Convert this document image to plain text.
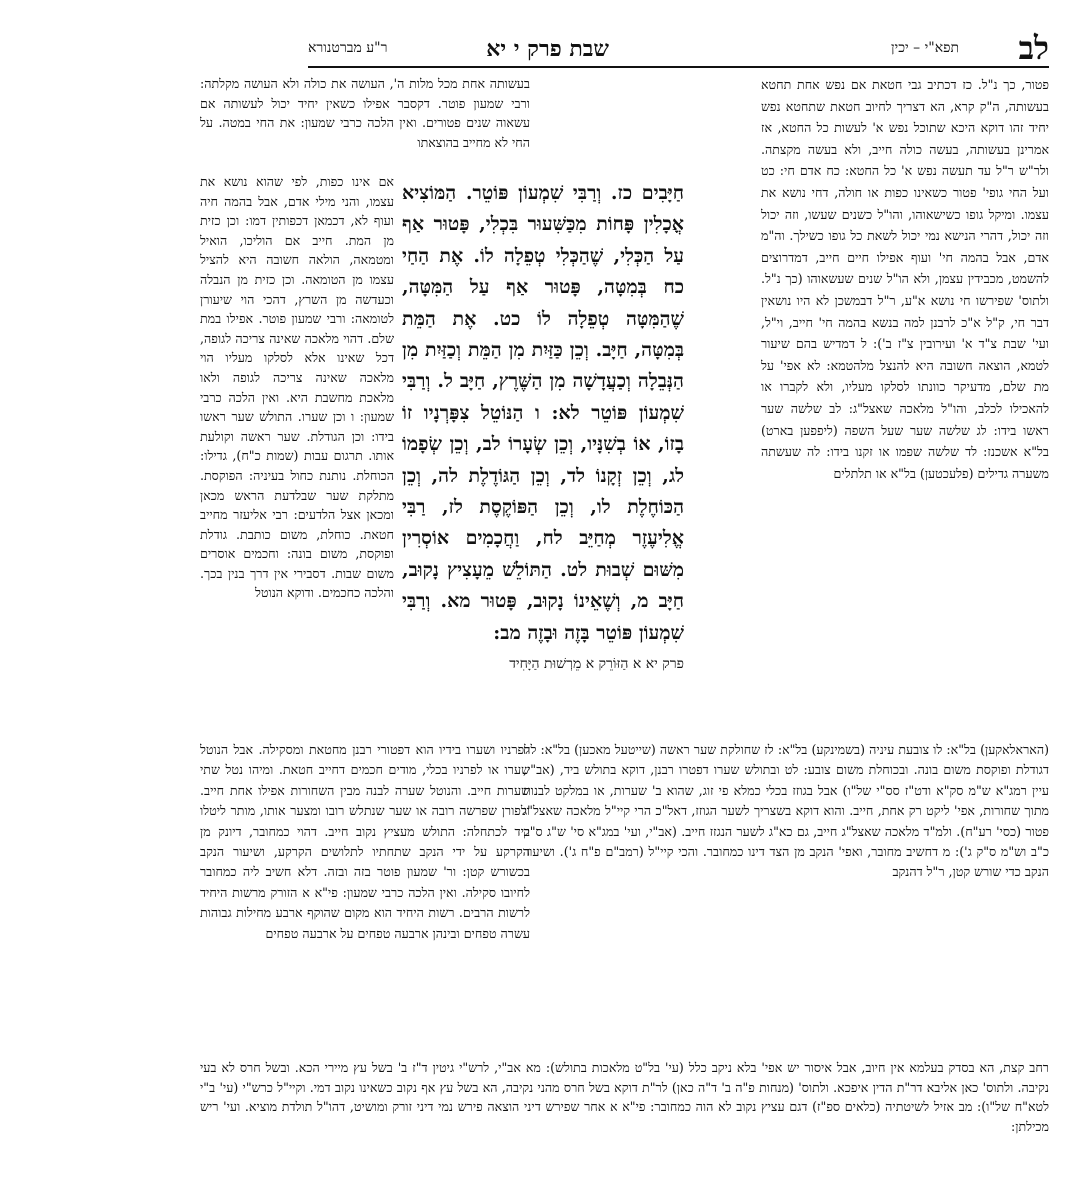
לב
תפא"י – יכין
שבת פרק י יא
ר"ע מברטנורא

פטור, כך נ"ל. כז דכתיב גבי חטאת אם נפש אחת תחטא בעשותה, ה"ק קרא, הא דצריך לחיוב חטאת שתחטא נפש יחיד זהו דוקא היכא שתוכל נפש א' לעשות כל החטא, אז אמרינן בעשותה, בעשה כולה חייב, ולא בעשה מקצתה. ולר"ש ר"ל עד תעשה נפש א' כל החטא: כח אדם חי: כט ועל החי גופי' פטור כשאינו כפות או חולה, דחי נושא את עצמו. ומיקל גופו כשישאוהו, והו"ל כשנים שעשו, וזה יכול וזה יכול, דהרי הנישא נמי יכול לשאת כל גופו כשילך. וה"מ אדם, אבל בהמה חי' ועוף אפילו חיים חייב, דמדרוצים להשמט, מכבידין עצמן, ולא הו"ל שנים שעשאוהו (כך נ"ל. ולתוס' שפירשו חי נושא א"ע, ר"ל דבמשכן לא היו נושאין דבר חי, ק"ל א"כ לרבנן למה בנשא בהמה חי' חייב, וי"ל, ועי' שבת צ"ד א' ועירובין צ"ז ב'): ל דמדיש בהם שיעור לטמא, הוצאה חשובה היא להנצל מלהטמא: לא אפי' על מת שלם, מדעיקר כוונתו לסלקו מעליו, ולא לקברו או להאכילו לכלב, והו"ל מלאכה שאצל"ג: לב שלשה שער ראשו בידו: לג שלשה שער שעל השפה (ליפפען בארט) בל"א אשכנז: לד שלשה שפמו או זקנו בידו: לה שעשתה משערה גדילים (פלעכטען) בל"א או תלתלים

בעשותה אחת מכל מלות ה', העושה את כולה ולא העושה מקלתה: ורבי שמעון פוטר. דקסבר אפילו כשאין יחיד יכול לעשותה אם עשאוה שנים פטורים. ואין הלכה כרבי שמעון: את החי במטה. על החי לא מחייב בהוצאתו

חַיָּבִים כז. וְרַבִּי שִׁמְעוֹן פּוֹטֵר. הַמּוֹצִיא אֳכָלִין פָּחוֹת מִכַּשִּׁעוּר בִּכְלִי, פָּטוּר אַף עַל הַכְּלִי, שֶׁהַכְּלִי טְפֵלָה לוֹ. אֶת הַחַי כח בְּמִטָּה, פָּטוּר אַף עַל הַמִּטָּה, שֶׁהַמִּטָּה טְפֵלָה לוֹ כט. אֶת הַמֵּת בְּמִטָּה, חַיָּב. וְכֵן כַּזַּיִת מִן הַמֵּת וְכַזַּיִת מִן הַנְּבֵלָה וְכַעֲדָשָׁה מִן הַשֶּׁרֶץ, חַיָּב ל. וְרַבִּי שִׁמְעוֹן פּוֹטֵר לא: ו הַנּוֹטֵל צִפָּרְנָיו זוֹ בָזוֹ, אוֹ בְשִׁנָּיו, וְכֵן שְׂעָרוֹ לב, וְכֵן שְׂפָמוֹ לג, וְכֵן זְקָנוֹ לד, וְכֵן הַגּוֹדֶלֶת לה, וְכֵן הַכּוֹחֶלֶת לו, וְכֵן הַפּוֹקֶסֶת לז, רַבִּי אֱלִיעֶזֶר מְחַיֵּב לח, וַחֲכָמִים אוֹסְרִין מִשּׁוּם שְׁבוּת לט. הַתּוֹלֵשׁ מֵעָצִיץ נָקוּב, חַיָּב מ, וְשֶׁאֵינוֹ נָקוּב, פָּטוּר מא. וְרַבִּי שִׁמְעוֹן פּוֹטֵר בָּזֶה וּבָזֶה מב:

פרק יא א הַזּוֹרֵק א מֵרְשׁוּת הַיָּחִיד

אם אינו כפות, לפי שהוא נושא את עצמו, והני מילי אדם, אבל בהמה חיה ועוף לא, דכמאן דכפותין דמו: וכן כזית מן המת. חייב אם הוליכו, הואיל ומטמאה, הולאה חשובה היא להציל עצמו מן הטומאה. וכן כזית מן הנבלה וכעדשה מן השרץ, דהכי הוי שיעורן לטומאה: ורבי שמעון פוטר. אפילו במת שלם. דהוי מלאכה שאינה צריכה לגופה, דכל שאינו אלא לסלקו מעליו הוי מלאכה שאינה צריכה לגופה ולאו מלאכת מחשבת היא. ואין הלכה כרבי שמעון: ו וכן שערו. התולש שער ראשו בידו: וכן הגודלת. שער ראשה וקולעת אותו. תרגום עבות (שמות כ"ח), גדילו: הכוחלת. נותנת כחול בעיניה: הפוקסת. מתלקת שער שבלדעת הראש מכאן ומכאן אצל הלדעים: רבי אליעזר מחייב חטאת. כוחלת, משום כותבת. גודלת ופוקסת, משום בונה: וחכמים אוסרים משום שבות. דסבירי אין דרך בנין בכך. והלכה כחכמים. ודוקא הנוטל

לפרניו ושערו בידיו הוא דפטורי רבנן מחטאת ומסקילה. אבל הנוטל שערו או לפרניו בכלי, מודים חכמים דחייב חטאת. ומיהו נטל שתי שערות חייב. והנוטל שערה לבנה מבין השחורות אפילו אחת חייב. ולפורן שפרשה רובה או שער שנתלש רובו ומצער אותו, מותר ליטלו ביד לכתחלה: התולש מעציץ נקוב חייב. דהוי כמחובר, דיונק מן הקרקע על ידי הנקב שתחתיו לתלושים הקרקע, ושיעור הנקב בכשורש קטן: ור' שמעון פוטר בזה ובזה. דלא חשיב ליה כמחובר לחיובו סקילה. ואין הלכה כרבי שמעון: פי"א א הזורק מרשות היחיד לרשות הרבים. רשות היחיד הוא מקום שהוקף ארבע מחילות גבוהות עשרה טפחים ובינהן ארבעה טפחים על ארבעה טפחים

(האראלאקען) בל"א: לו צובעת עיניה (בשמינקע) בל"א: לז שחולקת שער ראשה (שייטעל מאכען) בל"א: לח דגודלת ופוקסת משום בונה. ובכוחלת משום צובע: לט ובתולש שערו דפטרו רבנן, דוקא בתולש ביד, (אב"י, עיין רמג"א ש"מ סק"א ודט"ז סס"י של"ו) אבל בגוזז בכלי כמלא פי זוג, שהוא ב' שערות, או במלקט לבנות מתוך שחורות, אפי' ליקט רק אחת, חייב. והוא דוקא בשצריך לשער הגוזז, דאל"כ הרי קיי"ל מלאכה שאצל"ג פטור (כסי' רע"ח). ולמ"ד מלאכה שאצל"ג חייב, גם כא"ג לשער הנגזז חייב. (אב"י, ועי' במג"א סי' ש"ג ס"ק כ"ב וש"מ ס"ק ג'): מ דחשיב מחובר, ואפי' הנקב מן הצד דינו כמחובר. והכי קיי"ל (רמב"ם פ"ח ג'). ושיעור הנקב כדי שורש קטן, ר"ל דהנקב

רחב קצת, הא בסדק בעלמא אין חיוב, אבל איסור יש אפי' בלא ניקב כלל (עי' בל"ט מלאכות בתולש): מא אב"י, לרש"י גיטין ד"ז ב' בשל עץ מיירי הכא. ובשל חרס לא בעי נקיבה. ולתוס' כאן אליבא דר"ת הדין איפכא. ולתוס' (מנחות פ"ה ב' ד"ה כאן) לר"ת דוקא בשל חרס מהני נקיבה, הא בשל עץ אף נקוב כשאינו נקוב דמי. וקיי"ל כרש"י (עי' ב"י לטא"ח של"ו): מב אזיל לשיטתיה (כלאים ספ"ז) דגם עציץ נקוב לא הוה כמחובר: פי"א א אחר שפירש דיני הוצאה פירש נמי דיני זורק ומושיט, דהו"ל תולדת מוציא. ועי' ריש מכילתן:
